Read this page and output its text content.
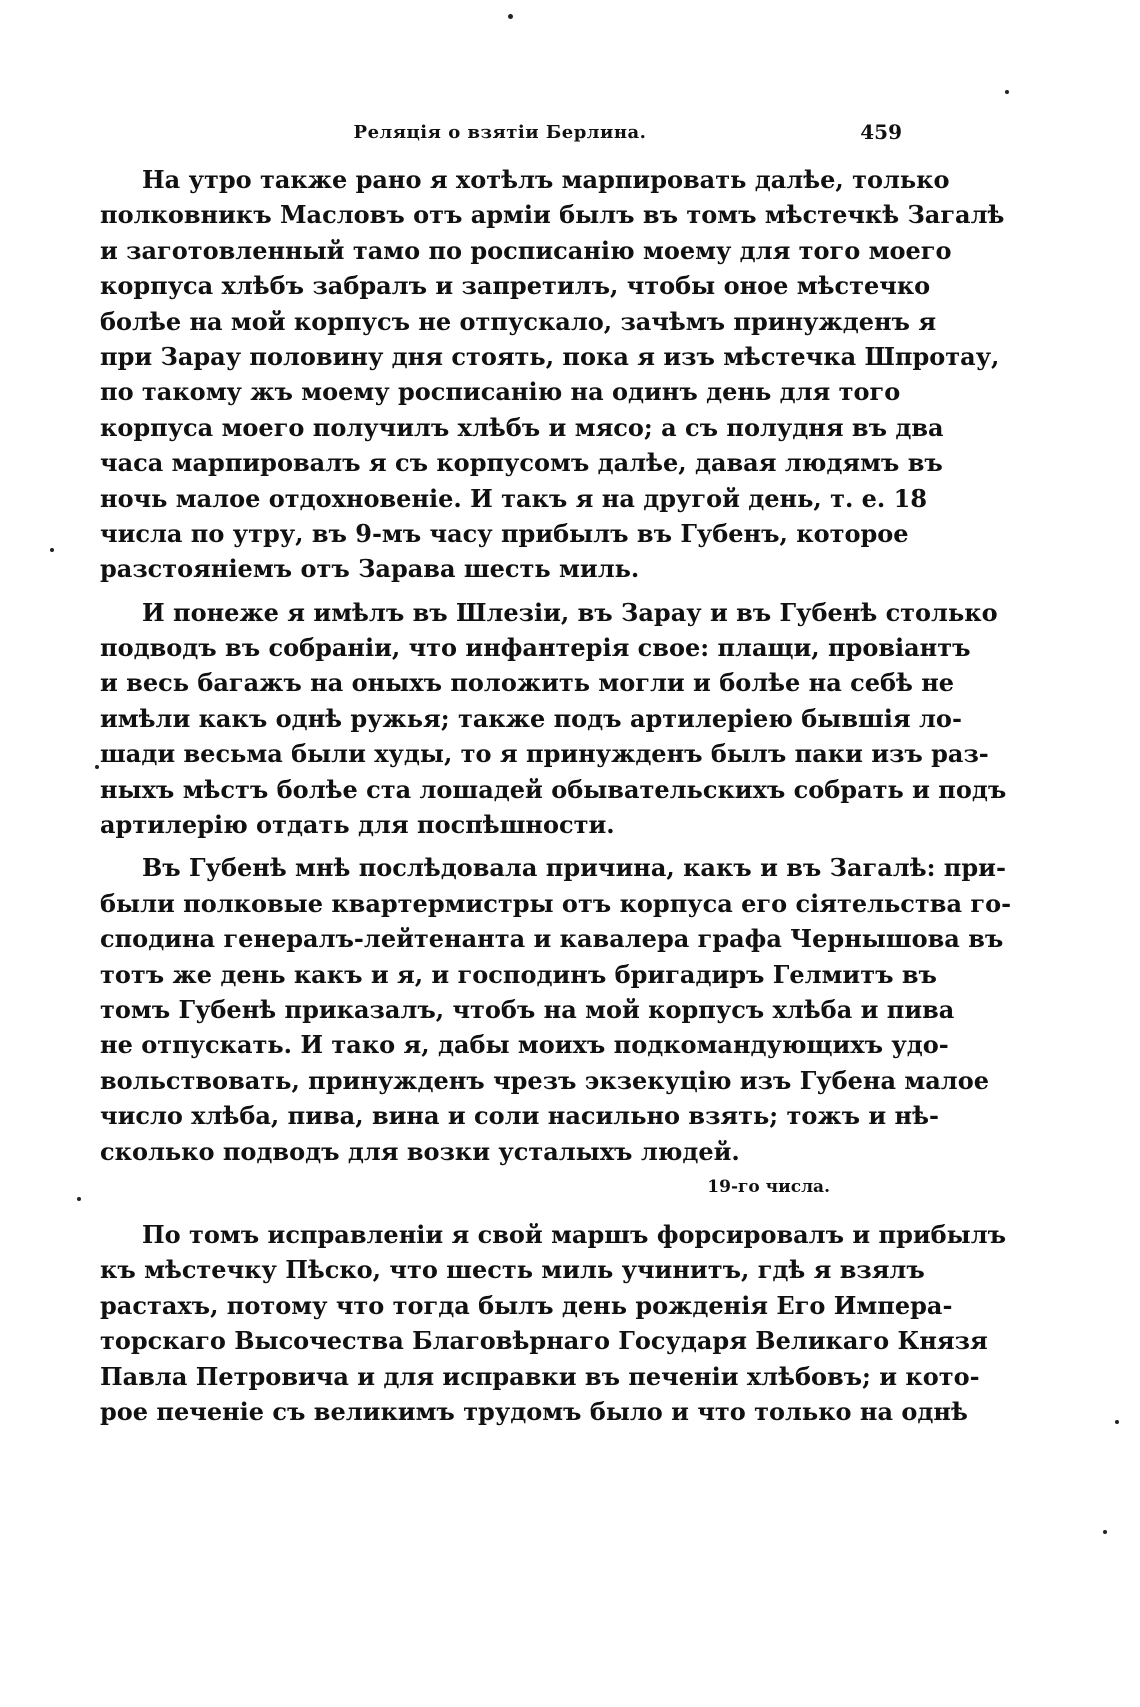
Реляція о взятіи Берлина.	459
На утро также рано я хотѣлъ марпировать далѣе, только
полковникъ Масловъ отъ арміи былъ въ томъ мѣстечкѣ Загалѣ
и заготовленный тамо по росписанію моему для того моего
корпуса хлѣбъ забралъ и запретилъ, чтобы оное мѣстечко
болѣе на мой корпусъ не отпускало, зачѣмъ принужденъ я
при Зарау половину дня стоять, пока я изъ мѣстечка Шпротау,
по такому жъ моему росписанію на одинъ день для того
корпуса моего получилъ хлѣбъ и мясо; а съ полудня въ два
часа марпировалъ я съ корпусомъ далѣе, давая людямъ въ
ночь малое отдохновеніе. И такъ я на другой день, т. е. 18
числа по утру, въ 9-мъ часу прибылъ въ Губенъ, которое
разстояніемъ отъ Зарава шесть миль.
И понеже я имѣлъ въ Шлезіи, въ Зарау и въ Губенѣ столько
подводъ въ собраніи, что инфантерія свое: плащи, провіантъ
и весь багажъ на оныхъ положить могли и болѣе на себѣ не
имѣли какъ однѣ ружья; также подъ артилеріею бывшія ло-
шади весьма были худы, то я принужденъ былъ паки изъ раз-
ныхъ мѣстъ болѣе ста лошадей обывательскихъ собрать и подъ
артилерію отдать для поспѣшности.
Въ Губенѣ мнѣ послѣдовала причина, какъ и въ Загалѣ: при-
были полковые квартермистры отъ корпуса его сіятельства го-
сподина генералъ-лейтенанта и кавалера графа Чернышова въ
тотъ же день какъ и я, и господинъ бригадиръ Гелмитъ въ
томъ Губенѣ приказалъ, чтобъ на мой корпусъ хлѣба и пива
не отпускать. И тако я, дабы моихъ подкомандующихъ удо-
вольствовать, принужденъ чрезъ экзекуцію изъ Губена малое
число хлѣба, пива, вина и соли насильно взять; тожъ и нѣ-
сколько подводъ для возки усталыхъ людей.
19-го числа.
По томъ исправленіи я свой маршъ форсировалъ и прибылъ
къ мѣстечку Пѣско, что шесть миль учинитъ, гдѣ я взялъ
растахъ, потому что тогда былъ день рожденія Его Импера-
торскаго Высочества Благовѣрнаго Государя Великаго Князя
Павла Петровича и для исправки въ печеніи хлѣбовъ; и кото-
рое печеніе съ великимъ трудомъ было и что только на однѣ
